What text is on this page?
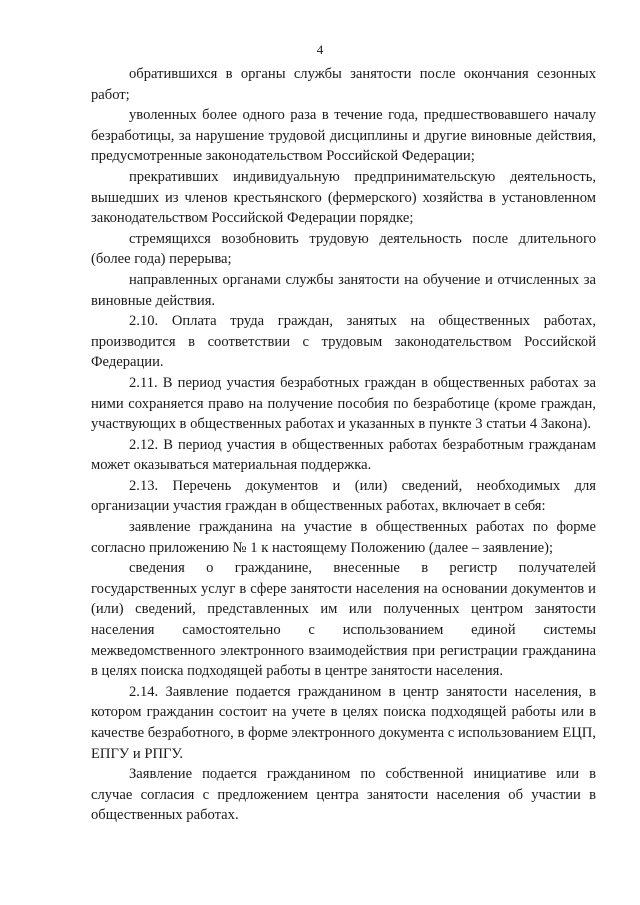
4

обратившихся в органы службы занятости после окончания сезонных работ;

уволенных более одного раза в течение года, предшествовавшего началу безработицы, за нарушение трудовой дисциплины и другие виновные действия, предусмотренные законодательством Российской Федерации;

прекративших индивидуальную предпринимательскую деятельность, вышедших из членов крестьянского (фермерского) хозяйства в установленном законодательством Российской Федерации порядке;

стремящихся возобновить трудовую деятельность после длительного (более года) перерыва;

направленных органами службы занятости на обучение и отчисленных за виновные действия.

2.10. Оплата труда граждан, занятых на общественных работах, производится в соответствии с трудовым законодательством Российской Федерации.

2.11. В период участия безработных граждан в общественных работах за ними сохраняется право на получение пособия по безработице (кроме граждан, участвующих в общественных работах и указанных в пункте 3 статьи 4 Закона).

2.12. В период участия в общественных работах безработным гражданам может оказываться материальная поддержка.

2.13. Перечень документов и (или) сведений, необходимых для организации участия граждан в общественных работах, включает в себя:

заявление гражданина на участие в общественных работах по форме согласно приложению № 1 к настоящему Положению (далее – заявление);

сведения о гражданине, внесенные в регистр получателей государственных услуг в сфере занятости населения на основании документов и (или) сведений, представленных им или полученных центром занятости населения самостоятельно с использованием единой системы межведомственного электронного взаимодействия при регистрации гражданина в целях поиска подходящей работы в центре занятости населения.

2.14. Заявление подается гражданином в центр занятости населения, в котором гражданин состоит на учете в целях поиска подходящей работы или в качестве безработного, в форме электронного документа с использованием ЕЦП, ЕПГУ и РПГУ.

Заявление подается гражданином по собственной инициативе или в случае согласия с предложением центра занятости населения об участии в общественных работах.
